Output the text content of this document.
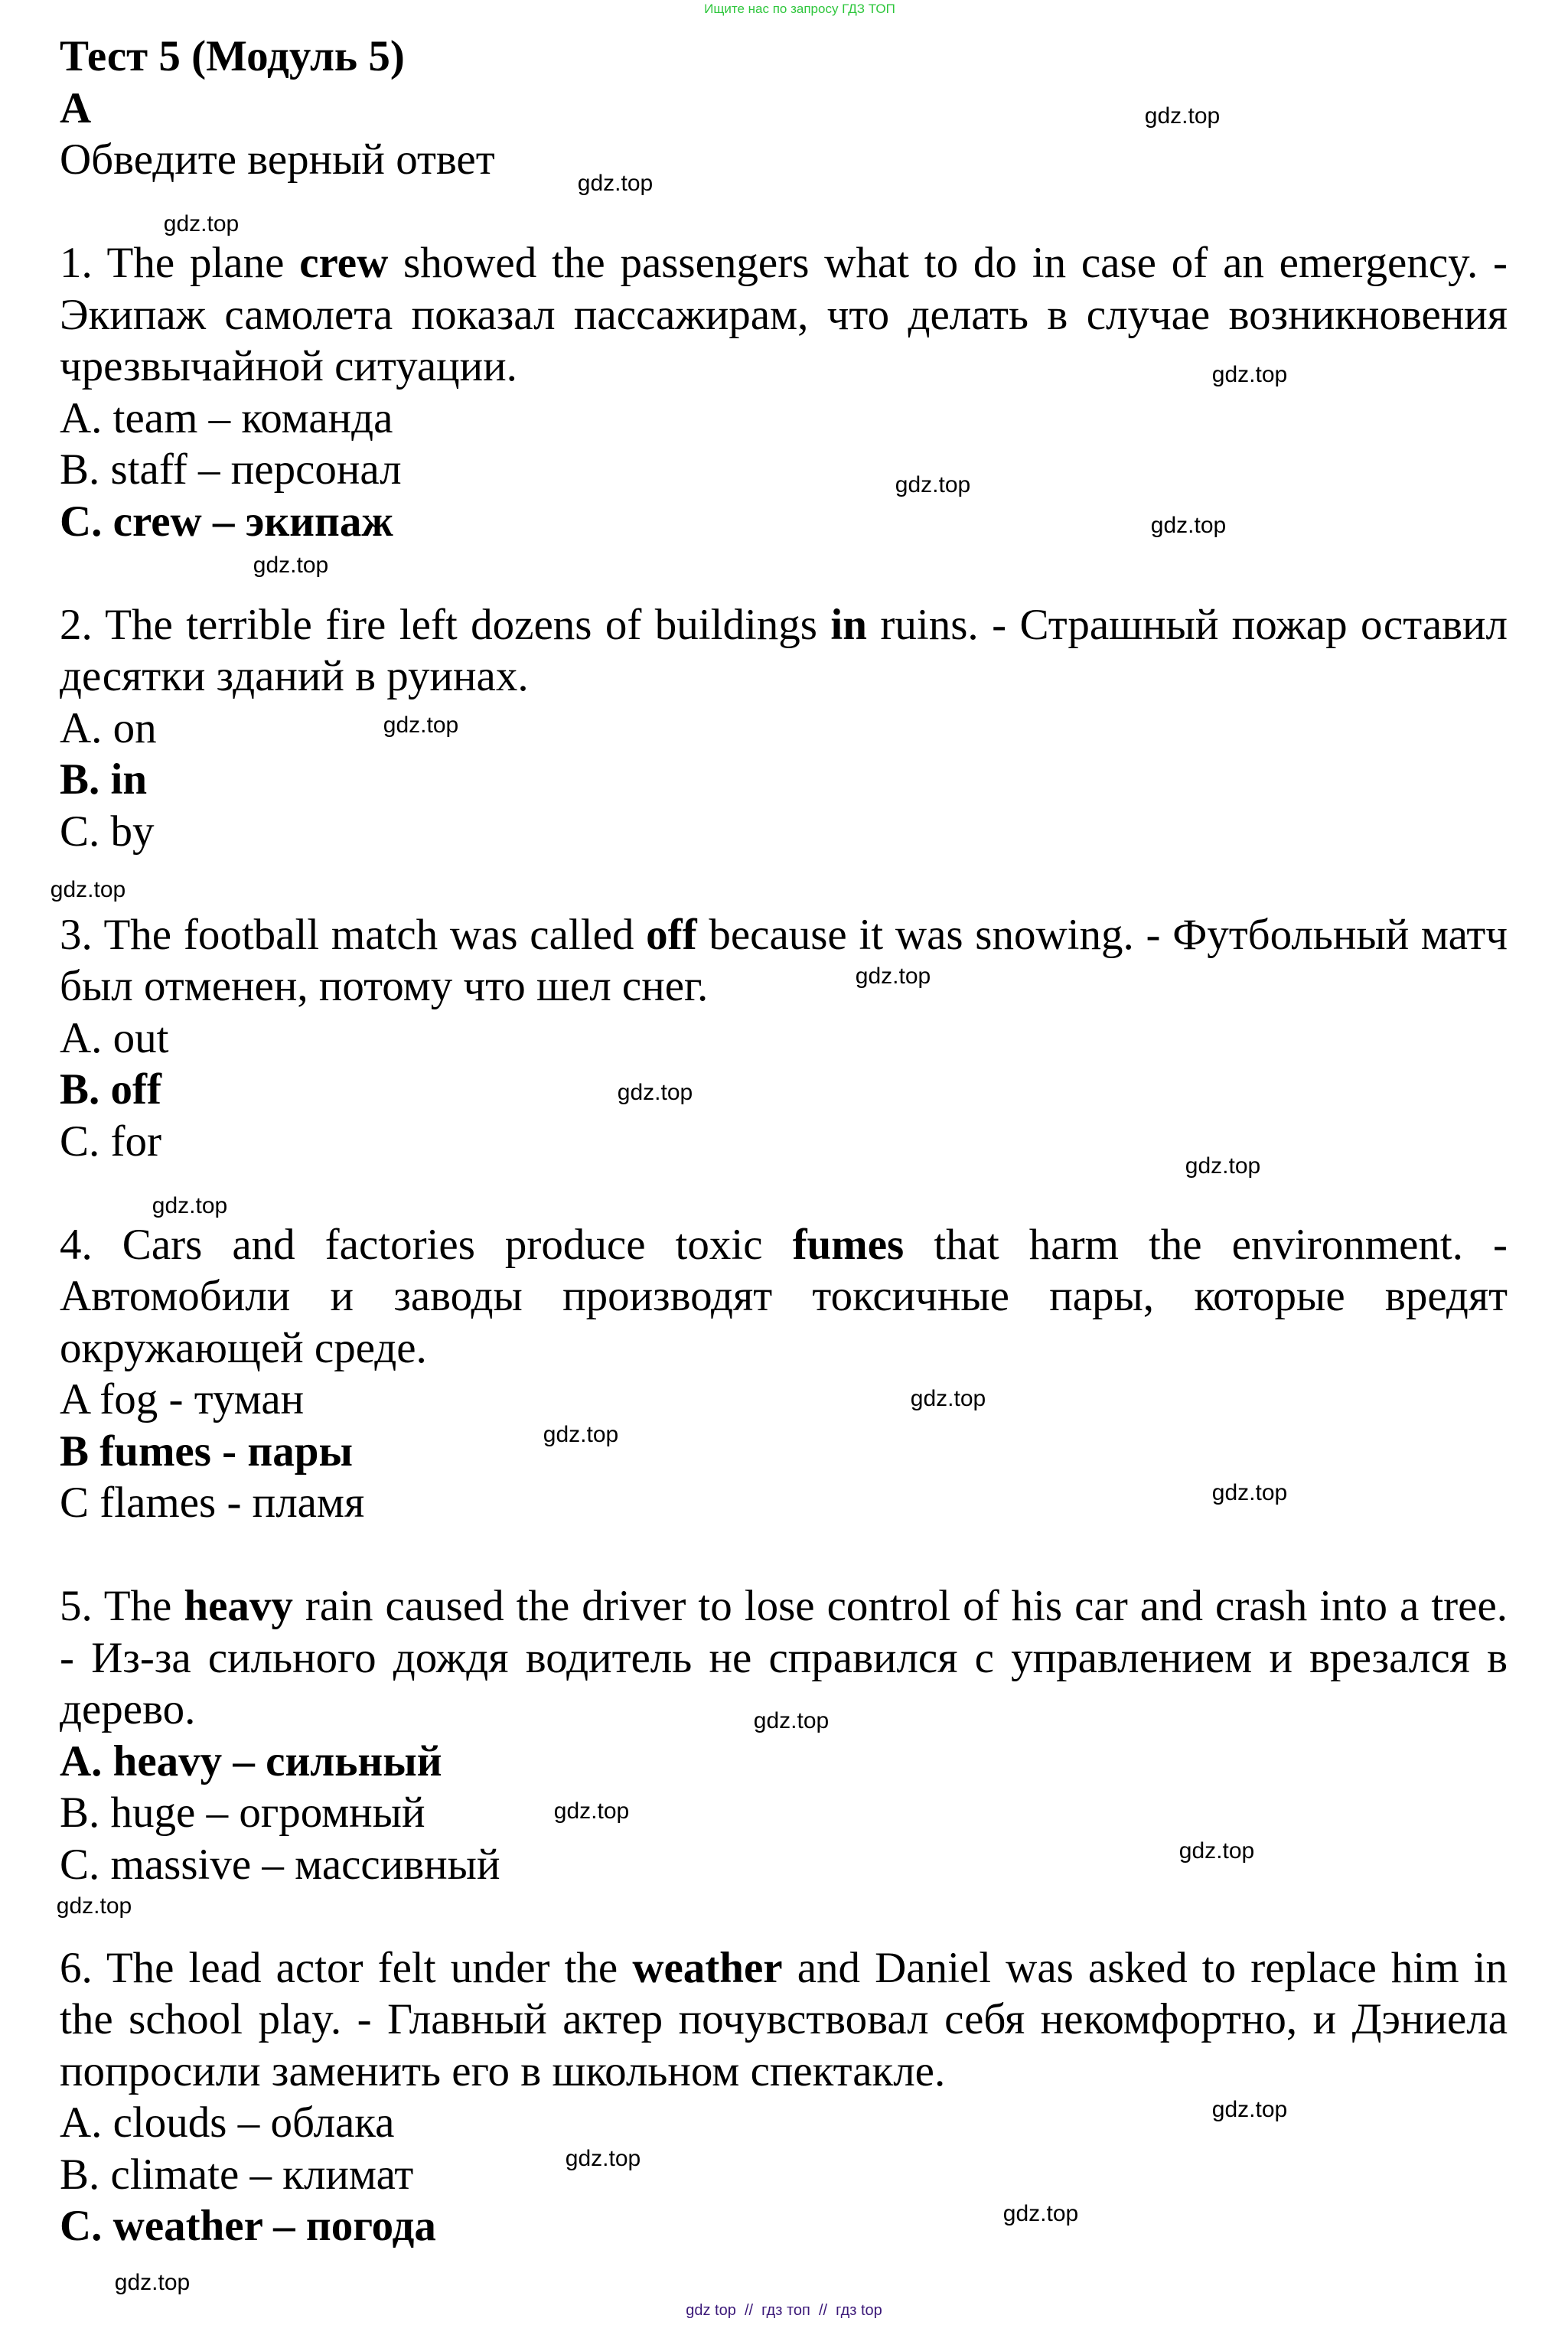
Ищите нас по запросу ГДЗ ТОП

Тест 5 (Модуль 5)

A

Обведите верный ответ

1. The plane crew showed the passengers what to do in case of an emergency. - Экипаж самолета показал пассажирам, что делать в случае возникновения чрезвычайной ситуации.

A. team – команда

B. staff – персонал

C. crew – экипаж

2. The terrible fire left dozens of buildings in ruins. - Страшный пожар оставил десятки зданий в руинах.

A. on

B. in

C. by

3. The football match was called off because it was snowing. - Футбольный матч был отменен, потому что шел снег.

A. out

B. off

C. for

4. Cars and factories produce toxic fumes that harm the environment. - Автомобили и заводы производят токсичные пары, которые вредят окружающей среде.

A fog - туман

B fumes - пары

C flames - пламя

5. The heavy rain caused the driver to lose control of his car and crash into a tree. - Из-за сильного дождя водитель не справился с управлением и врезался в дерево.

A. heavy – сильный

B. huge – огромный

C. massive – массивный

6. The lead actor felt under the weather and Daniel was asked to replace him in the school play. - Главный актер почувствовал себя некомфортно, и Дэниела попросили заменить его в школьном спектакле.

A. clouds – облака

B. climate – климат

C. weather – погода

gdz.top
gdz.top
gdz.top
gdz.top
gdz.top
gdz.top
gdz.top
gdz.top
gdz.top
gdz.top
gdz.top
gdz.top
gdz.top
gdz.top
gdz.top
gdz.top
gdz.top
gdz.top
gdz.top
gdz.top
gdz.top
gdz.top
gdz.top
gdz.top
gdz top  //  гдз топ  //  гдз top
